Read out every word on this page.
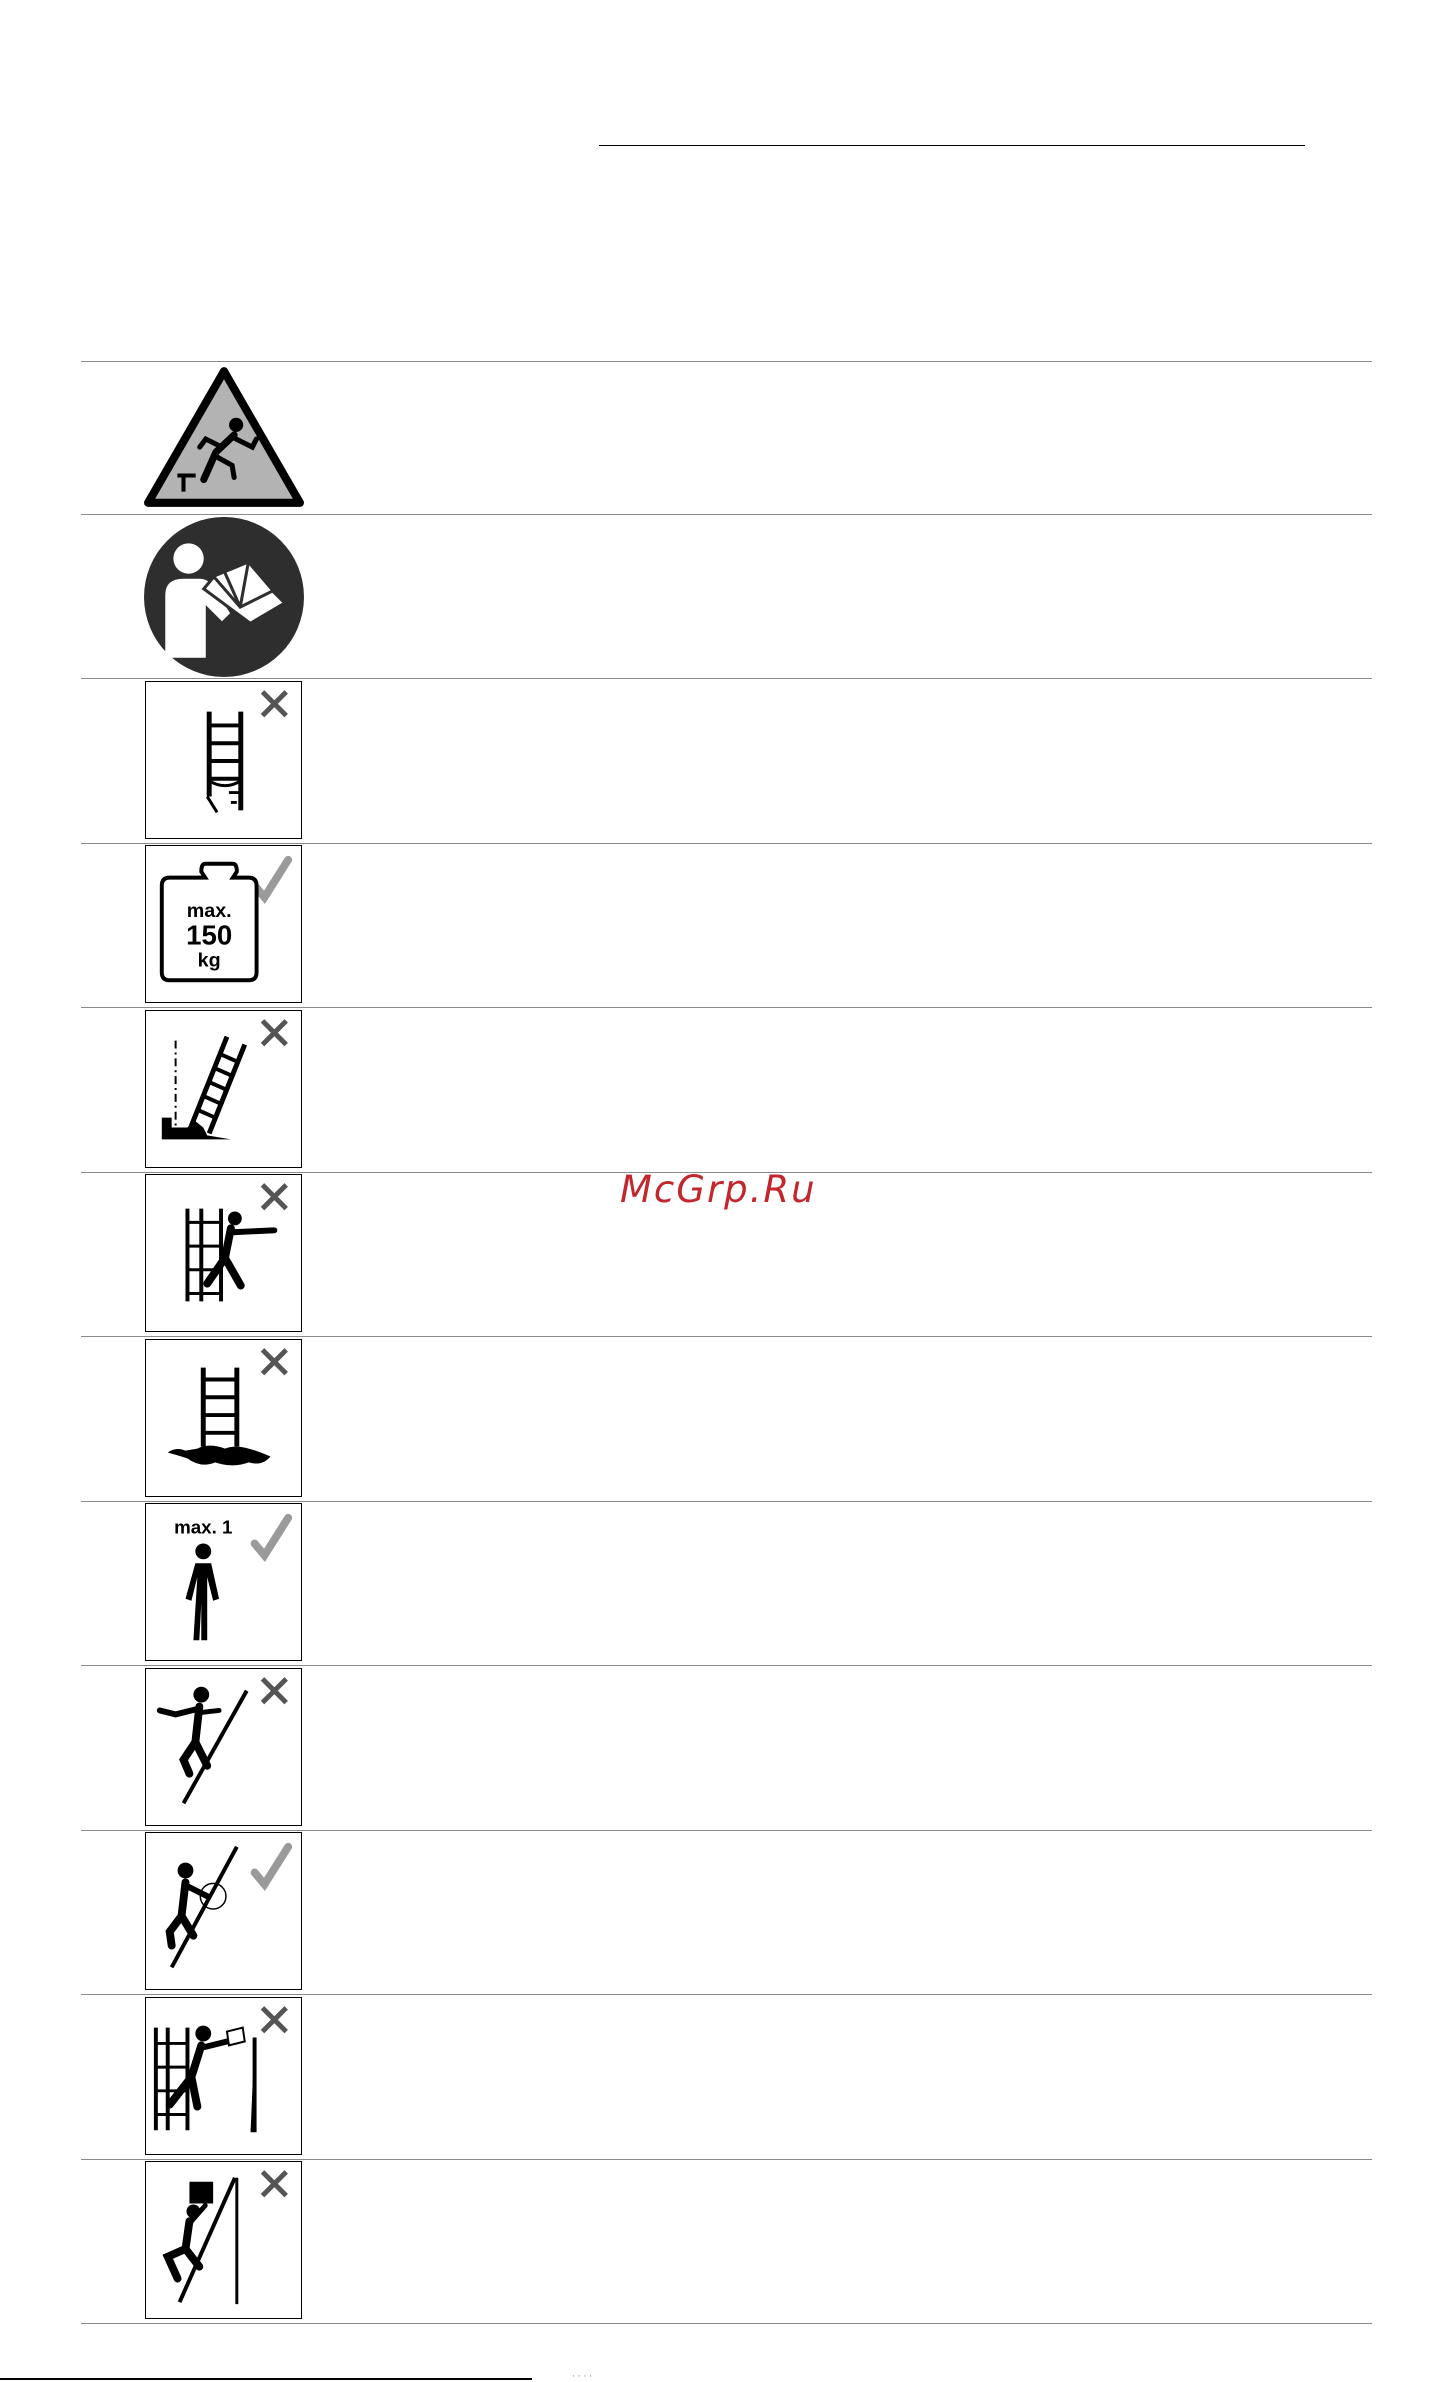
max.
150
kg
max. 1
McGrp.Ru
· · · ·
